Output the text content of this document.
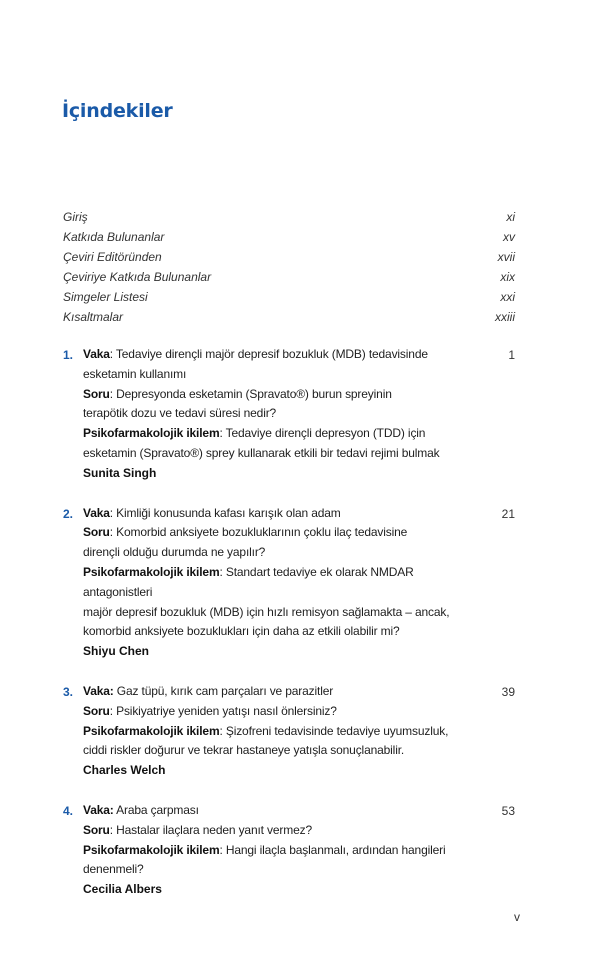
İçindekiler
Giriş	xi
Katkıda Bulunanlar	xv
Çeviri Editöründen	xvii
Çeviriye Katkıda Bulunanlar	xix
Simgeler Listesi	xxi
Kısaltmalar	xxiii
1.	1
Vaka: Tedaviye dirençli majör depresif bozukluk (MDB) tedavisinde
esketamin kullanımı
Soru: Depresyonda esketamin (Spravato®) burun spreyinin
terapötik dozu ve tedavi süresi nedir?
Psikofarmakolojik ikilem: Tedaviye dirençli depresyon (TDD) için
esketamin (Spravato®) sprey kullanarak etkili bir tedavi rejimi bulmak
Sunita Singh
2.	21
Vaka: Kimliği konusunda kafası karışık olan adam
Soru: Komorbid anksiyete bozukluklarının çoklu ilaç tedavisine
dirençli olduğu durumda ne yapılır?
Psikofarmakolojik ikilem: Standart tedaviye ek olarak NMDAR antagonistleri
majör depresif bozukluk (MDB) için hızlı remisyon sağlamakta – ancak,
komorbid anksiyete bozuklukları için daha az etkili olabilir mi?
Shiyu Chen
3.	39
Vaka: Gaz tüpü, kırık cam parçaları ve parazitler
Soru: Psikiyatriye yeniden yatışı nasıl önlersiniz?
Psikofarmakolojik ikilem: Şizofreni tedavisinde tedaviye uyumsuzluk,
ciddi riskler doğurur ve tekrar hastaneye yatışla sonuçlanabilir.
Charles Welch
4.	53
Vaka: Araba çarpması
Soru: Hastalar ilaçlara neden yanıt vermez?
Psikofarmakolojik ikilem: Hangi ilaçla başlanmalı, ardından hangileri denenmeli?
Cecilia Albers
v
